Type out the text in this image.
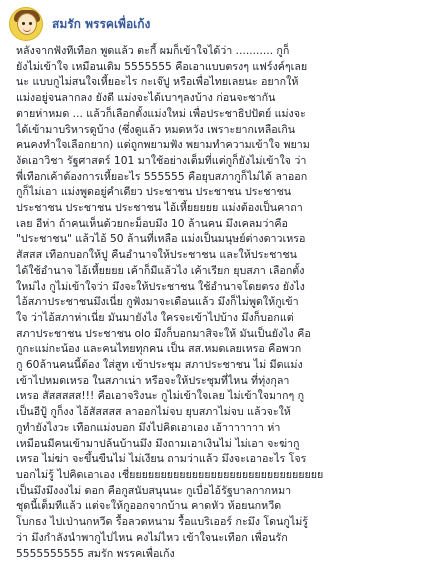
สมรัก พรรคเพื่อเก้ง
หลังจากฟังทีเทือก พูดแล้ว ตะกี้ ผมก็เข้าใจได้ว่า ........... กูก็
ยังไม่เข้าใจ เหมือนเดิม 5555555 คือเอาแบบตรงๆ แฟร์งค์ๆเลย
นะ แบบกูไม่สนใจเหี้ยอะไร กะเจ๊ปู หรือเพื่อไทยเลยนะ อยากให้
แม่งอยู่จนลากลง ยังดี แม่งจะได้เบาๆลงบ้าง ก่อนจะซากัน
ตายห่าหมด ... แล้วก็เลือกตั้งแม่งใหม่ เพื่อประชาธิปปัตย์ แม่งจะ
ได้เข้ามาบริหารดูบ้าง (ซึ่งดูแล้ว หมดหวัง เพราะยากเหลือเกิน
คนคงทำใจเลือกยาก) แต่ถูกพยามฟัง พยามทำความเข้าใจ พยาม
งัดเอาวิชา รัฐศาสตร์ 101 มาใช้อย่างเต็มที่แต่กูก็ยังไม่เข้าใจ ว่า
พี่เทือกเค้าต้องการเหี้ยอะไร 555555 คือยุบสภากูก็ไม่ได้ ลาออก
กูก็ไม่เอา แม่งพูดอยู่คำเดียว ประชาชน ประชาชน ประชาชน
ประชาชน ประชาชน ประชาชน ไอ้เหี้ยยยยย แม่งต้องเป็นคาถา
เลย อีห่า ถ้าคนเห็นด้วยกะม็อบมึง 10 ล้านคน มึงเคลมว่าคือ
"ประชาชน" แล้วไอ้ 50 ล้านที่เหลือ แม่งเป็นมนุษย์ต่างดาวเหรอ
สัสสส เทือกบอกให้ปู คืนอำนาจให้ประชาชน และให้ประชาชน
ได้ใช้อำนาจ ไอ้เหี้ยยยย เค้าก็มีแล้วไง เค้าเรียก ยุบสภา เลือกตั้ง
ใหม่ไง กูไม่เข้าใจว่า มึงจะให้ประชาชน ใช้อำนาจโดยตรง ยังไง
ไอ้สภาประชาชนมึงเนี่ย กูฟังมาจะเดือนแล้ว มึงก็ไม่พูดให้กูเข้า
ใจ ว่าไอ้สภาห่าเนี่ย มันมายังไง ใครจะเข้าไปบ้าง มึงก็บอกแต่
สภาประชาชน ประชาชน olo มึงก็บอกมาสิจะให้ มันเป็นยังไง คือ
กูกะแม่กะน้อง และคนไทยทุกคน เป็น สส.หมดเลยเหรอ คือพวก
กู 60ล้านคนนี้ต้อง ใส่สูท เข้าประชุม สภาประชาชน ไม่ มีดแม่ง
เข้าไปหมดเหรอ ในสภาเน่า หรือจะให้ประชุมที่ไหน ที่ทุ่งกุลา
เหรอ สัสสสสส!!! คือเอาจริงนะ กูไม่เข้าใจเลย ไม่เข้าใจมากๆ กู
เป็นอีปู้ กูก็งง ไอ้สัสสสส ลาออกไม่จบ ยุบสภาไม่จบ แล้วจะให้
กูทำยังไงวะ เทือกแม่งบอก มึงไปคิดเอาเอง เอ้าาาาาาา ห่า
เหมือนมีคนเข้ามาปล้นบ้านมึง มึงถามเอาเงินไม่ ไม่เอา จะฆ่ากู
เหรอ ไม่ฆ่า จะขึ้นขืนไม่ ไม่เงียน ถามว่าแล้ว มึงจะเอาอะไร โจร
บอกไม่รู้ ไปคิดเอาเอง เชี่ยยยยยยยยยยยยยยยยยยยยยยยยยยยยยยย
เป็นมึงมึงงงไม่ ดอก คือกูสนับสนุนนะ กูเบื่อไอ้รัฐบาลกากหมา
ชุดนี้เต็มทีแล้ว แต่จะให้กูออกจากบ้าน คาดหัว ห้อยนกหวีด
โบกธง ไปเป่านกหวีด รื้อลวดหนาม รื้อแบริเออร์ กะมึง โดนกูไม่รู้
ว่า มึงกำลังนำพากูไปไหน คงไม่ไหว เข้าใจนะเทือก เพื่อนรัก
5555555555 สมรัก พรรคเพื่อเก้ง
